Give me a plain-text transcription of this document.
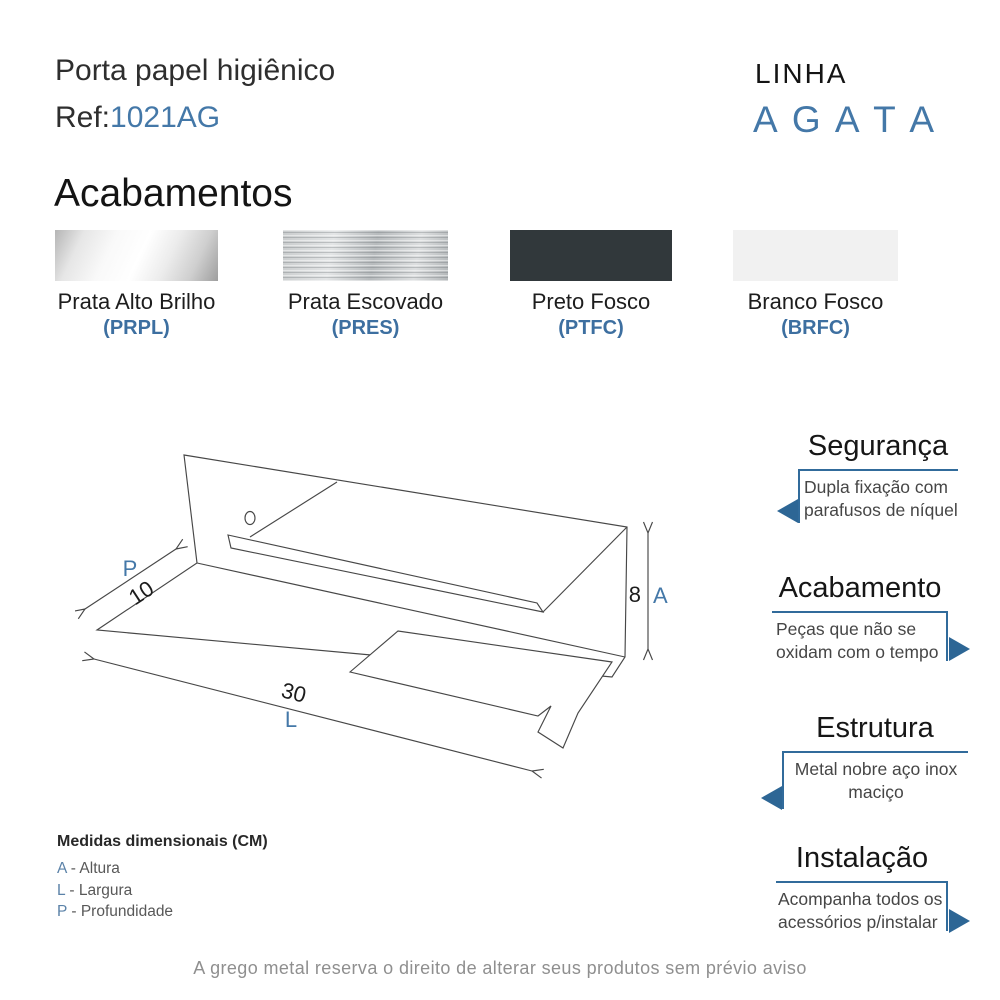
Porta papel higiênico
Ref:1021AG
LINHA
A G A T A
Acabamentos
Prata Alto Brilho
(PRPL)
Prata Escovado
(PRES)
Preto Fosco
(PTFC)
Branco Fosco
(BRFC)
P
10	8 A
30
L
Segurança
Dupla fixação com parafusos de níquel
Acabamento
Peças que não se oxidam com o tempo
Estrutura
Metal nobre aço inox maciço
Instalação
Acompanha todos os acessórios p/instalar
Medidas dimensionais (CM)
A - Altura
L - Largura
P - Profundidade
A grego metal reserva o direito de alterar seus produtos sem prévio aviso
